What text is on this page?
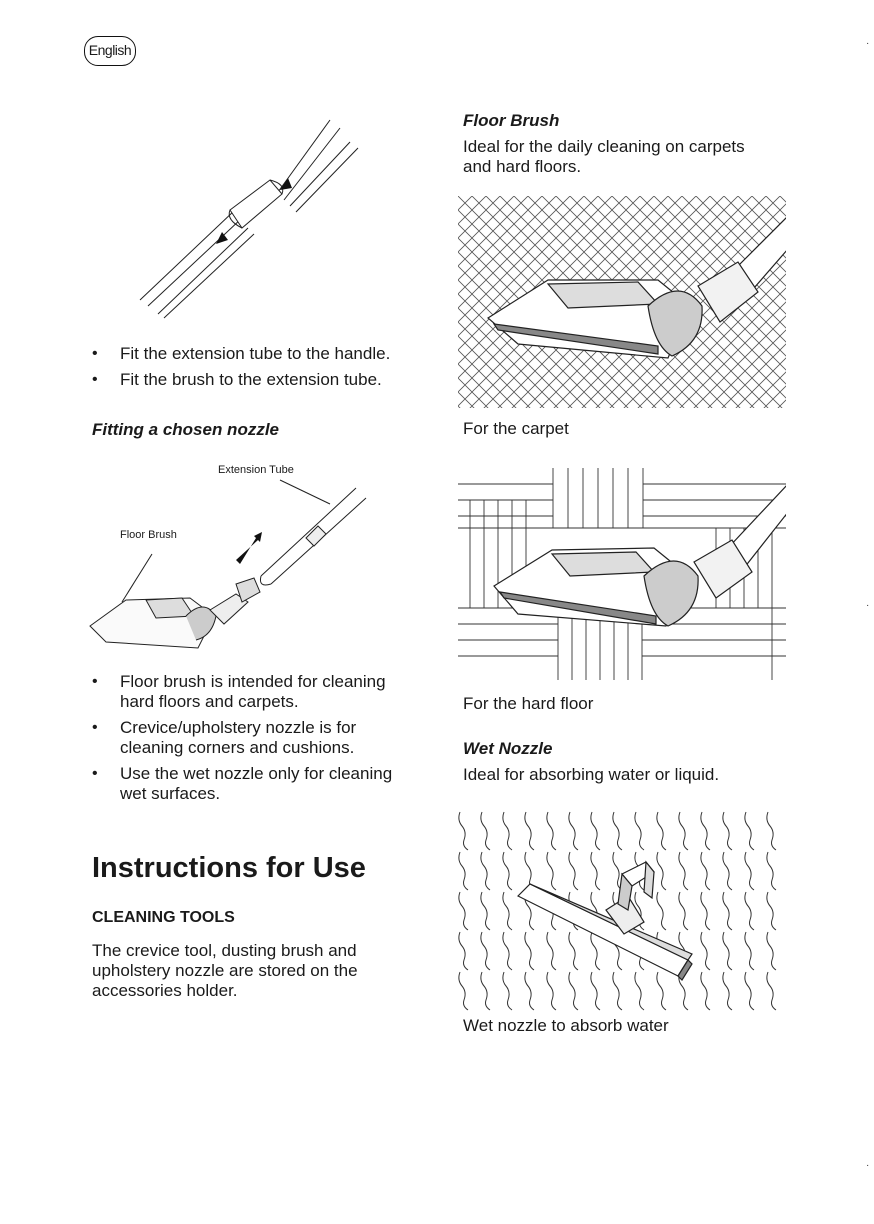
English	·
·
·
• Fit the extension tube to the handle.
• Fit the brush to the extension tube.
Fitting a chosen nozzle
Extension Tube
Floor Brush
• Floor brush is intended for cleaning hard floors and carpets.
• Crevice/upholstery nozzle is for cleaning corners and cushions.
• Use the wet nozzle only for cleaning wet surfaces.
Instructions for Use
CLEANING TOOLS
The crevice tool, dusting brush and upholstery nozzle are stored on the accessories holder.
Floor Brush
Ideal for the daily cleaning on carpets and hard floors.
For the carpet
For the hard floor
Wet Nozzle
Ideal for absorbing water or liquid.
Wet nozzle to absorb water
